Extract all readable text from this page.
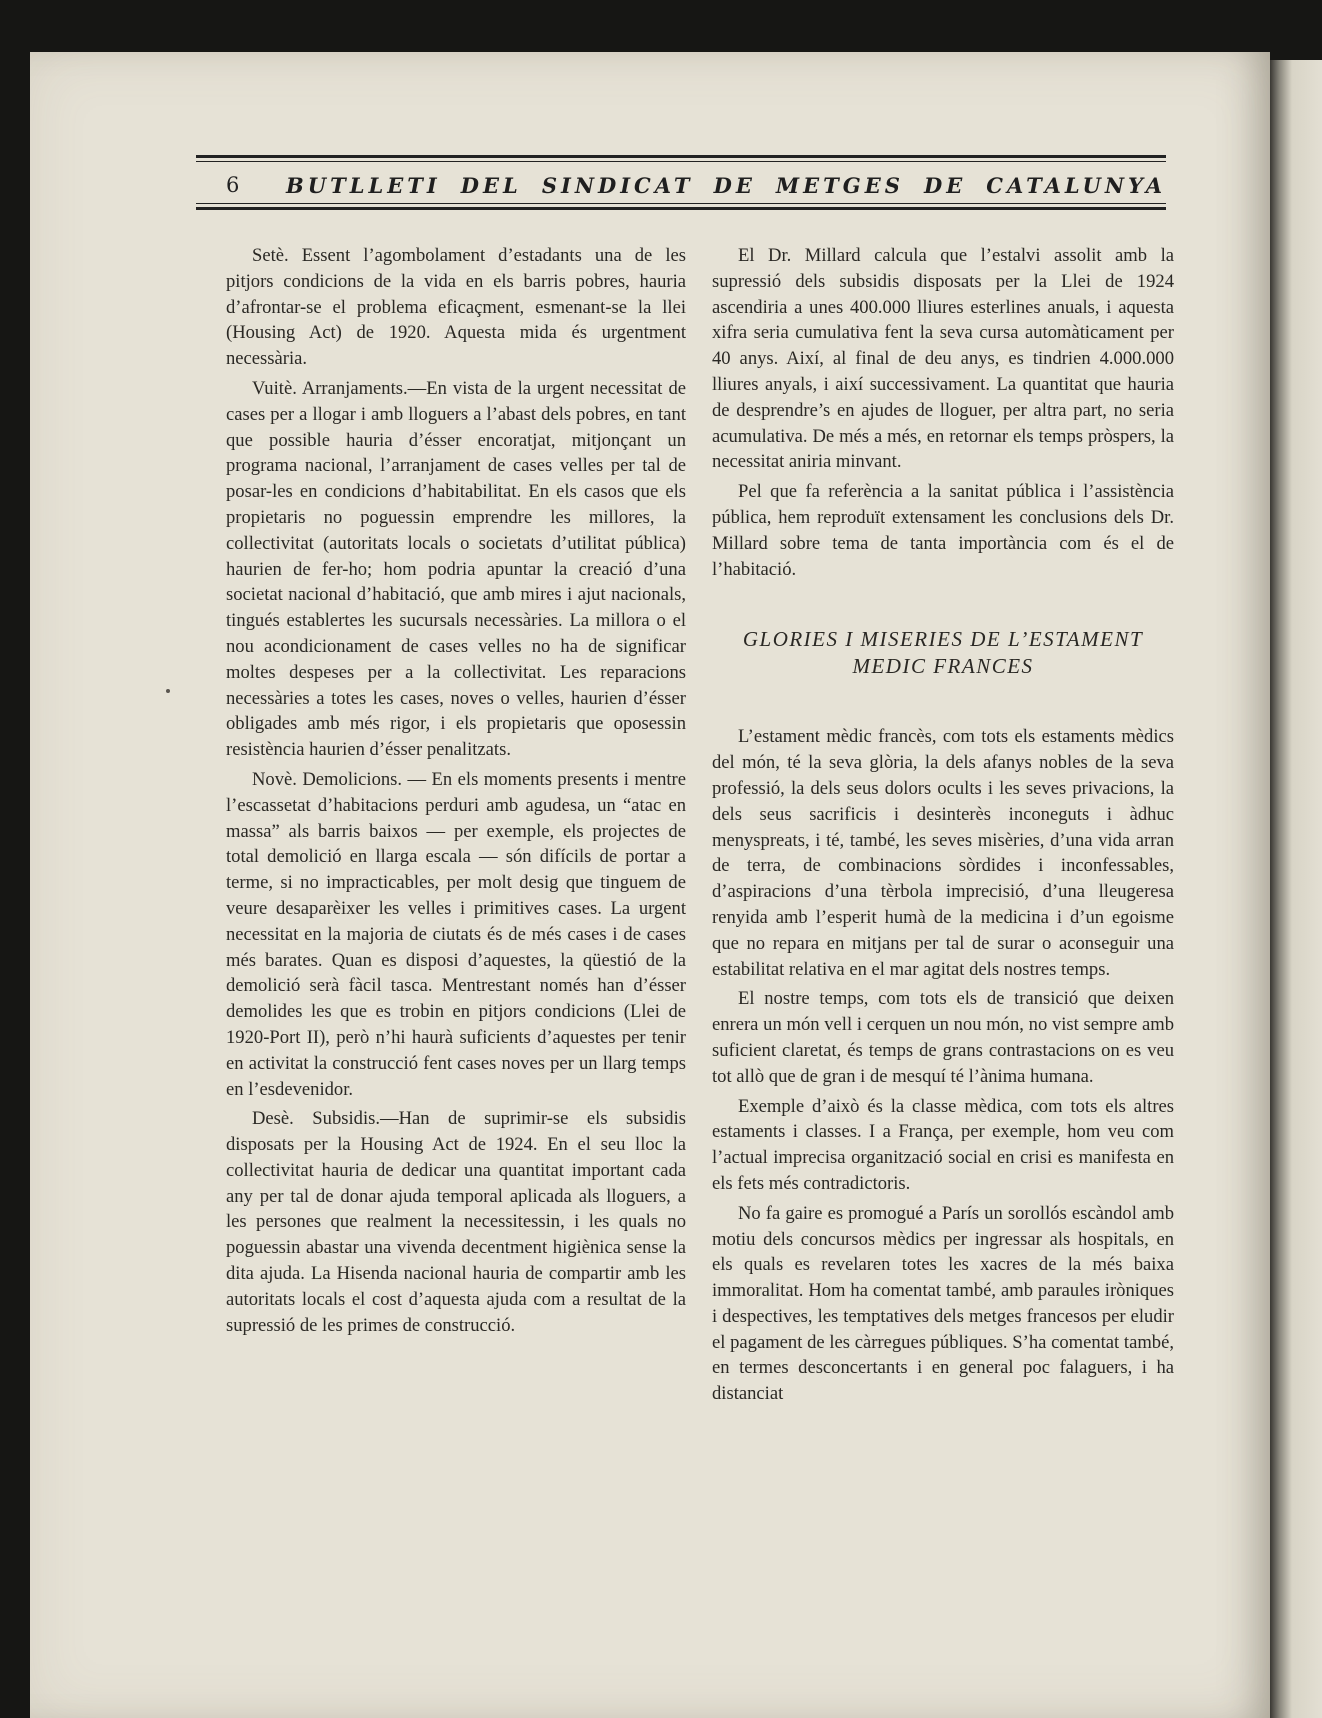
6	BUTLLETI DEL SINDICAT DE METGES DE CATALUNYA

Setè. Essent l’agombolament d’estadants una de les pitjors condicions de la vida en els barris pobres, hauria d’afrontar-se el problema eficaçment, esmenant-se la llei (Housing Act) de 1920. Aquesta mida és urgentment necessària.

Vuitè. Arranjaments.—En vista de la urgent necessitat de cases per a llogar i amb lloguers a l’abast dels pobres, en tant que possible hauria d’ésser encoratjat, mitjonçant un programa nacional, l’arranjament de cases velles per tal de posar-les en condicions d’habitabilitat. En els casos que els propietaris no poguessin emprendre les millores, la collectivitat (autoritats locals o societats d’utilitat pública) haurien de fer-ho; hom podria apuntar la creació d’una societat nacional d’habitació, que amb mires i ajut nacionals, tingués establertes les sucursals necessàries. La millora o el nou acondicionament de cases velles no ha de significar moltes despeses per a la collectivitat. Les reparacions necessàries a totes les cases, noves o velles, haurien d’ésser obligades amb més rigor, i els propietaris que oposessin resistència haurien d’ésser penalitzats.

Novè. Demolicions. — En els moments presents i mentre l’escassetat d’habitacions perduri amb agudesa, un “atac en massa” als barris baixos — per exemple, els projectes de total demolició en llarga escala — són difícils de portar a terme, si no impracticables, per molt desig que tinguem de veure desaparèixer les velles i primitives cases. La urgent necessitat en la majoria de ciutats és de més cases i de cases més barates. Quan es disposi d’aquestes, la qüestió de la demolició serà fàcil tasca. Mentrestant només han d’ésser demolides les que es trobin en pitjors condicions (Llei de 1920-Port II), però n’hi haurà suficients d’aquestes per tenir en activitat la construcció fent cases noves per un llarg temps en l’esdevenidor.

Desè. Subsidis.—Han de suprimir-se els subsidis disposats per la Housing Act de 1924. En el seu lloc la collectivitat hauria de dedicar una quantitat important cada any per tal de donar ajuda temporal aplicada als lloguers, a les persones que realment la necessitessin, i les quals no poguessin abastar una vivenda decentment higiènica sense la dita ajuda. La Hisenda nacional hauria de compartir amb les autoritats locals el cost d’aquesta ajuda com a resultat de la supressió de les primes de construcció.

El Dr. Millard calcula que l’estalvi assolit amb la supressió dels subsidis disposats per la Llei de 1924 ascendiria a unes 400.000 lliures esterlines anuals, i aquesta xifra seria cumulativa fent la seva cursa automàticament per 40 anys. Així, al final de deu anys, es tindrien 4.000.000 lliures anyals, i així successivament. La quantitat que hauria de desprendre’s en ajudes de lloguer, per altra part, no seria acumulativa. De més a més, en retornar els temps pròspers, la necessitat aniria minvant.

Pel que fa referència a la sanitat pública i l’assistència pública, hem reproduït extensament les conclusions dels Dr. Millard sobre tema de tanta importància com és el de l’habitació.

GLORIES I MISERIES DE L’ESTAMENT
MEDIC FRANCES

L’estament mèdic francès, com tots els estaments mèdics del món, té la seva glòria, la dels afanys nobles de la seva professió, la dels seus dolors ocults i les seves privacions, la dels seus sacrificis i desinterès inconeguts i àdhuc menyspreats, i té, també, les seves misèries, d’una vida arran de terra, de combinacions sòrdides i inconfessables, d’aspiracions d’una tèrbola imprecisió, d’una lleugeresa renyida amb l’esperit humà de la medicina i d’un egoisme que no repara en mitjans per tal de surar o aconseguir una estabilitat relativa en el mar agitat dels nostres temps.

El nostre temps, com tots els de transició que deixen enrera un món vell i cerquen un nou món, no vist sempre amb suficient claretat, és temps de grans contrastacions on es veu tot allò que de gran i de mesquí té l’ànima humana.

Exemple d’això és la classe mèdica, com tots els altres estaments i classes. I a França, per exemple, hom veu com l’actual imprecisa organització social en crisi es manifesta en els fets més contradictoris.

No fa gaire es promogué a París un sorollós escàndol amb motiu dels concursos mèdics per ingressar als hospitals, en els quals es revelaren totes les xacres de la més baixa immoralitat. Hom ha comentat també, amb paraules iròniques i despectives, les temptatives dels metges francesos per eludir el pagament de les càrregues públiques. S’ha comentat també, en termes desconcertants i en general poc falaguers, i ha distanciat
